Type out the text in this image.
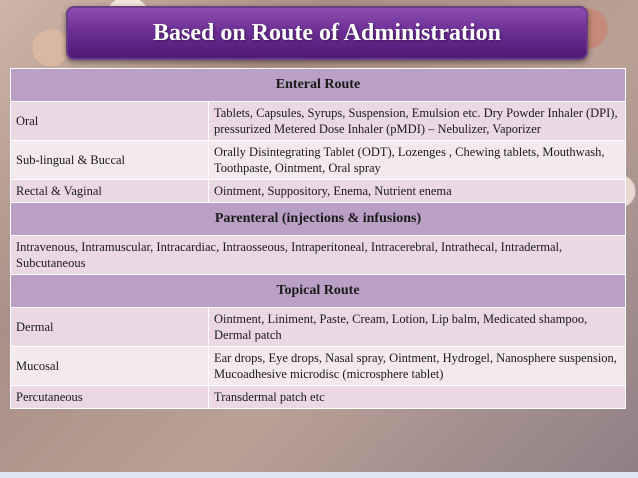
Based on Route of Administration
Enteral Route	
Oral	Tablets, Capsules, Syrups, Suspension, Emulsion etc. Dry Powder Inhaler (DPI), pressurized Metered Dose Inhaler (pMDI) – Nebulizer, Vaporizer
Sub-lingual & Buccal	Orally Disintegrating Tablet (ODT), Lozenges , Chewing tablets, Mouthwash, Toothpaste, Ointment, Oral spray
Rectal & Vaginal	Ointment, Suppository, Enema, Nutrient enema
Parenteral (injections & infusions)	
Intravenous, Intramuscular, Intracardiac, Intraosseous, Intraperitoneal, Intracerebral, Intrathecal, Intradermal, Subcutaneous	
Topical Route	
Dermal	Ointment, Liniment, Paste, Cream, Lotion, Lip balm, Medicated shampoo, Dermal patch
Mucosal	Ear drops, Eye drops, Nasal spray, Ointment, Hydrogel, Nanosphere suspension, Mucoadhesive microdisc (microsphere tablet)
Percutaneous	Transdermal patch etc
